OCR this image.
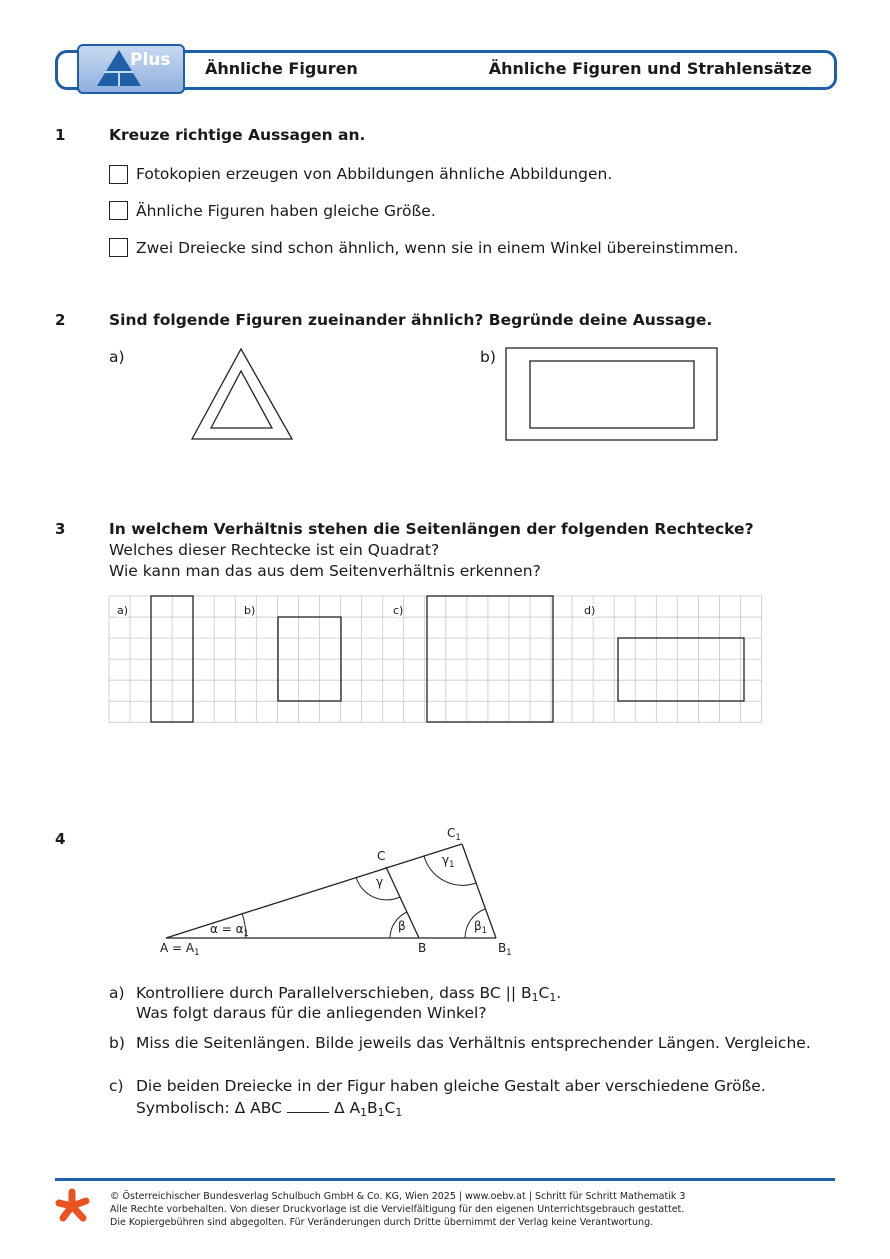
Plus Ähnliche Figuren	Ähnliche Figuren und Strahlensätze
1	Kreuze richtige Aussagen an.
Fotokopien erzeugen von Abbildungen ähnliche Abbildungen.
Ähnliche Figuren haben gleiche Größe.
Zwei Dreiecke sind schon ähnlich, wenn sie in einem Winkel übereinstimmen.
2	Sind folgende Figuren zueinander ähnlich? Begründe deine Aussage.
a)	b)
3	In welchem Verhältnis stehen die Seitenlängen der folgenden Rechtecke?
Welches dieser Rechtecke ist ein Quadrat?
Wie kann man das aus dem Seitenverhältnis erkennen?
a)	b)	c)	d)
4
$A = A_1$	B	$B_1$
C
$C_1$
$\alpha = \alpha_1$	β	$\beta_1$
γ
$\gamma_1$
a) Kontrolliere durch Parallelverschieben, dass BC || $B_1C_1$.
Was folgt daraus für die anliegenden Winkel?
b) Miss die Seitenlängen. Bilde jeweils das Verhältnis entsprechender Längen. Vergleiche.
c) Die beiden Dreiecke in der Figur haben gleiche Gestalt aber verschiedene Größe.
Symbolisch: Δ ABC	Δ $A_1B_1C_1$
© Österreichischer Bundesverlag Schulbuch GmbH & Co. KG, Wien 2025 | www.oebv.at | Schritt für Schritt Mathematik 3
Alle Rechte vorbehalten. Von dieser Druckvorlage ist die Vervielfältigung für den eigenen Unterrichtsgebrauch gestattet.
Die Kopiergebühren sind abgegolten. Für Veränderungen durch Dritte übernimmt der Verlag keine Verantwortung.
